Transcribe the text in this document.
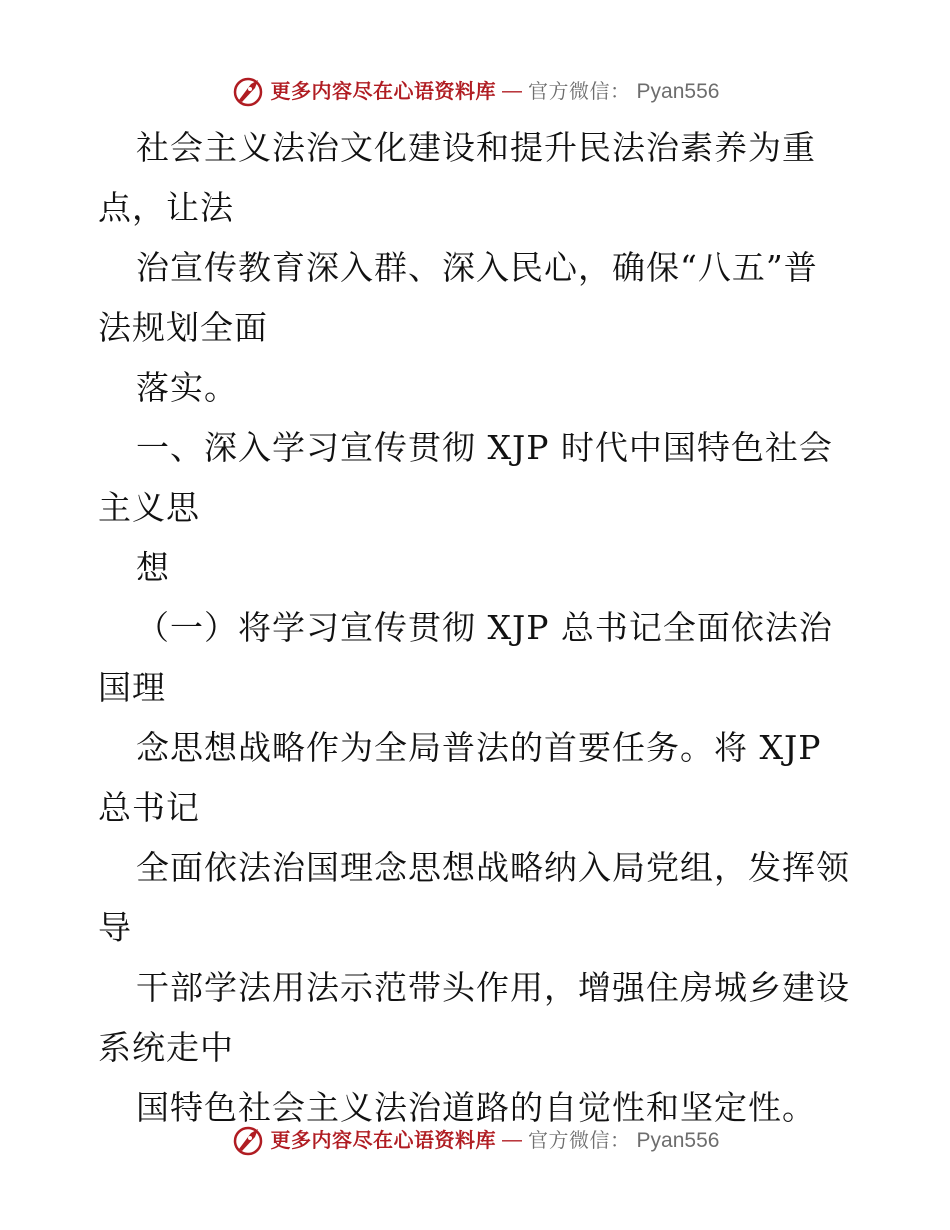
更多内容尽在心语资料库 — 官方微信： Pyan556
社会主义法治文化建设和提升民法治素养为重
点，让法
治宣传教育深入群、深入民心，确保“八五”普
法规划全面
落实。
一、深入学习宣传贯彻 XJP 时代中国特色社会
主义思
想
（一）将学习宣传贯彻 XJP 总书记全面依法治
国理
念思想战略作为全局普法的首要任务。将 XJP
总书记
全面依法治国理念思想战略纳入局党组，发挥领
导
干部学法用法示范带头作用，增强住房城乡建设
系统走中
国特色社会主义法治道路的自觉性和坚定性。
更多内容尽在心语资料库 — 官方微信： Pyan556
